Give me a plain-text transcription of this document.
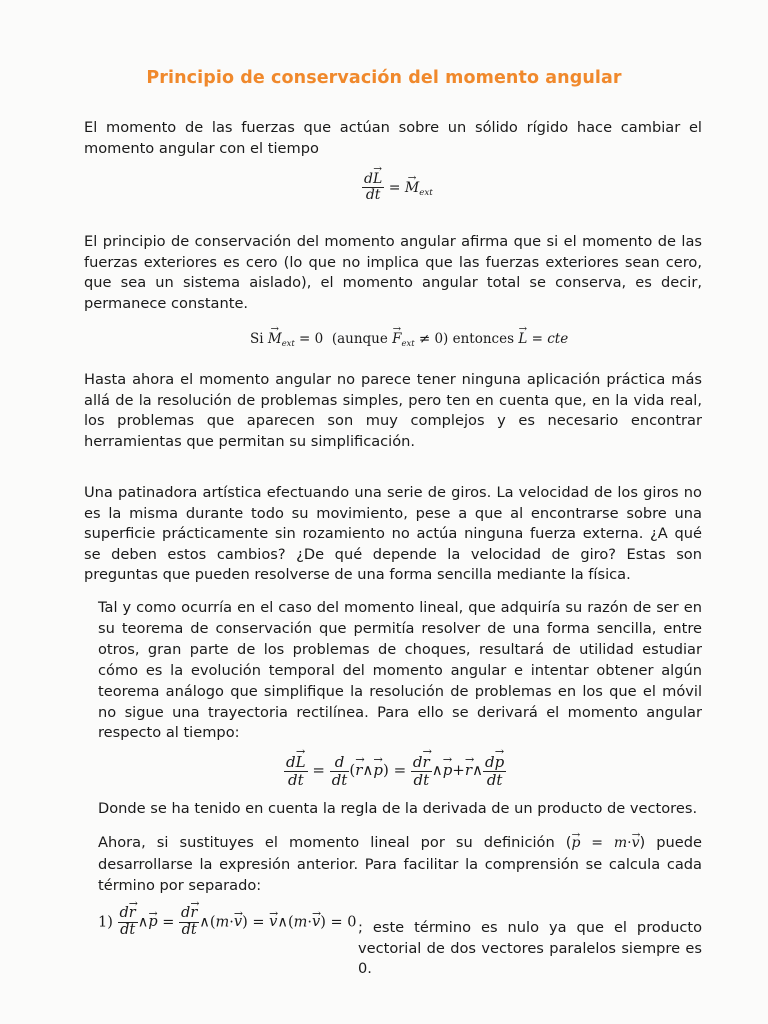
Principio de conservación del momento angular

El momento de las fuerzas que actúan sobre un sólido rígido hace cambiar el momento angular con el tiempo

$\frac{d\to L}{dt}$ = → $M_{ext}$

El principio de conservación del momento angular afirma que si el momento de las fuerzas exteriores es cero (lo que no implica que las fuerzas exteriores sean cero, que sea un sistema aislado), el momento angular total se conserva, es decir, permanece constante.

$Si \to M_{ext} = 0$ (aunque → $F_{ext} \ne 0$) entonces → L = cte

Hasta ahora el momento angular no parece tener ninguna aplicación práctica más allá de la resolución de problemas simples, pero ten en cuenta que, en la vida real, los problemas que aparecen son muy complejos y es necesario encontrar herramientas que permitan su simplificación.

Una patinadora artística efectuando una serie de giros. La velocidad de los giros no es la misma durante todo su movimiento, pese a que al encontrarse sobre una superficie prácticamente sin rozamiento no actúa ninguna fuerza externa. ¿A qué se deben estos cambios? ¿De qué depende la velocidad de giro? Estas son preguntas que pueden resolverse de una forma sencilla mediante la física.

Tal y como ocurría en el caso del momento lineal, que adquiría su razón de ser en su teorema de conservación que permitía resolver de una forma sencilla, entre otros, gran parte de los problemas de choques, resultará de utilidad estudiar cómo es la evolución temporal del momento angular e intentar obtener algún teorema análogo que simplifique la resolución de problemas en los que el móvil no sigue una trayectoria rectilínea. Para ello se derivará el momento angular respecto al tiempo:

$\frac{d\to L}{dt} = \frac{d}{dt}$ (→ r∧→ $p) = \frac{d\to r}{dt}$ ∧→ p+→ r∧ $\frac{d\to p}{dt}$

Donde se ha tenido en cuenta la regla de la derivada de un producto de vectores.

Ahora, si sustituyes el momento lineal por su definición (→ p = m·→ v) puede desarrollarse la expresión anterior. Para facilitar la comprensión se calcula cada término por separado:

$1) \frac{d\to r}{dt}$ ∧→ $p = \frac{d\to r}{dt}$ ∧(m·→ v) = → v∧(m·→ v) = 0 ; este término es nulo ya que el producto vectorial de dos vectores paralelos siempre es 0.
